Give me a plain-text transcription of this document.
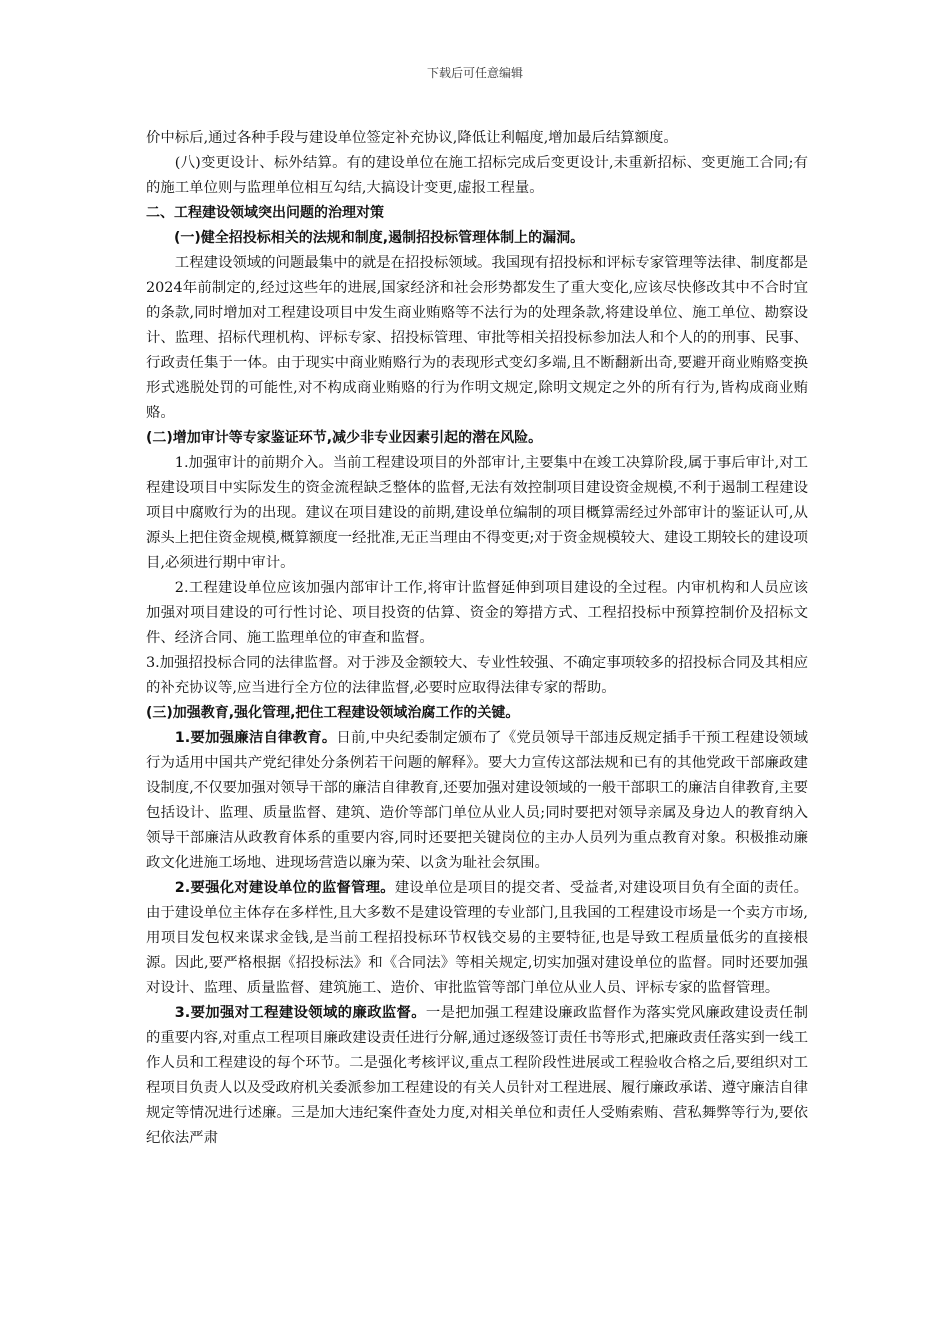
下载后可任意编辑

价中标后,通过各种手段与建设单位签定补充协议,降低让利幅度,增加最后结算额度。

(八)变更设计、标外结算。有的建设单位在施工招标完成后变更设计,未重新招标、变更施工合同;有的施工单位则与监理单位相互勾结,大搞设计变更,虚报工程量。

二、工程建设领域突出问题的治理对策

(一)健全招投标相关的法规和制度,遏制招投标管理体制上的漏洞。

工程建设领域的问题最集中的就是在招投标领域。我国现有招投标和评标专家管理等法律、制度都是2024年前制定的,经过这些年的进展,国家经济和社会形势都发生了重大变化,应该尽快修改其中不合时宜的条款,同时增加对工程建设项目中发生商业贿赂等不法行为的处理条款,将建设单位、施工单位、勘察设计、监理、招标代理机构、评标专家、招投标管理、审批等相关招投标参加法人和个人的的刑事、民事、行政责任集于一体。由于现实中商业贿赂行为的表现形式变幻多端,且不断翻新出奇,要避开商业贿赂变换形式逃脱处罚的可能性,对不构成商业贿赂的行为作明文规定,除明文规定之外的所有行为,皆构成商业贿赂。

(二)增加审计等专家鉴证环节,减少非专业因素引起的潜在风险。

1.加强审计的前期介入。当前工程建设项目的外部审计,主要集中在竣工决算阶段,属于事后审计,对工程建设项目中实际发生的资金流程缺乏整体的监督,无法有效控制项目建设资金规模,不利于遏制工程建设项目中腐败行为的出现。建议在项目建设的前期,建设单位编制的项目概算需经过外部审计的鉴证认可,从源头上把住资金规模,概算额度一经批准,无正当理由不得变更;对于资金规模较大、建设工期较长的建设项目,必须进行期中审计。

2.工程建设单位应该加强内部审计工作,将审计监督延伸到项目建设的全过程。内审机构和人员应该加强对项目建设的可行性讨论、项目投资的估算、资金的筹措方式、工程招投标中预算控制价及招标文件、经济合同、施工监理单位的审查和监督。

3.加强招投标合同的法律监督。对于涉及金额较大、专业性较强、不确定事项较多的招投标合同及其相应的补充协议等,应当进行全方位的法律监督,必要时应取得法律专家的帮助。

(三)加强教育,强化管理,把住工程建设领域治腐工作的关键。

1.要加强廉洁自律教育。日前,中央纪委制定颁布了《党员领导干部违反规定插手干预工程建设领域行为适用中国共产党纪律处分条例若干问题的解释》。要大力宣传这部法规和已有的其他党政干部廉政建设制度,不仅要加强对领导干部的廉洁自律教育,还要加强对建设领域的一般干部职工的廉洁自律教育,主要包括设计、监理、质量监督、建筑、造价等部门单位从业人员;同时要把对领导亲属及身边人的教育纳入领导干部廉洁从政教育体系的重要内容,同时还要把关键岗位的主办人员列为重点教育对象。积极推动廉政文化进施工场地、进现场营造以廉为荣、以贪为耻社会氛围。

2.要强化对建设单位的监督管理。建设单位是项目的提交者、受益者,对建设项目负有全面的责任。由于建设单位主体存在多样性,且大多数不是建设管理的专业部门,且我国的工程建设市场是一个卖方市场,用项目发包权来谋求金钱,是当前工程招投标环节权钱交易的主要特征,也是导致工程质量低劣的直接根源。因此,要严格根据《招投标法》和《合同法》等相关规定,切实加强对建设单位的监督。同时还要加强对设计、监理、质量监督、建筑施工、造价、审批监管等部门单位从业人员、评标专家的监督管理。

3.要加强对工程建设领域的廉政监督。一是把加强工程建设廉政监督作为落实党风廉政建设责任制的重要内容,对重点工程项目廉政建设责任进行分解,通过逐级签订责任书等形式,把廉政责任落实到一线工作人员和工程建设的每个环节。二是强化考核评议,重点工程阶段性进展或工程验收合格之后,要组织对工程项目负责人以及受政府机关委派参加工程建设的有关人员针对工程进展、履行廉政承诺、遵守廉洁自律规定等情况进行述廉。三是加大违纪案件查处力度,对相关单位和责任人受贿索贿、营私舞弊等行为,要依纪依法严肃
